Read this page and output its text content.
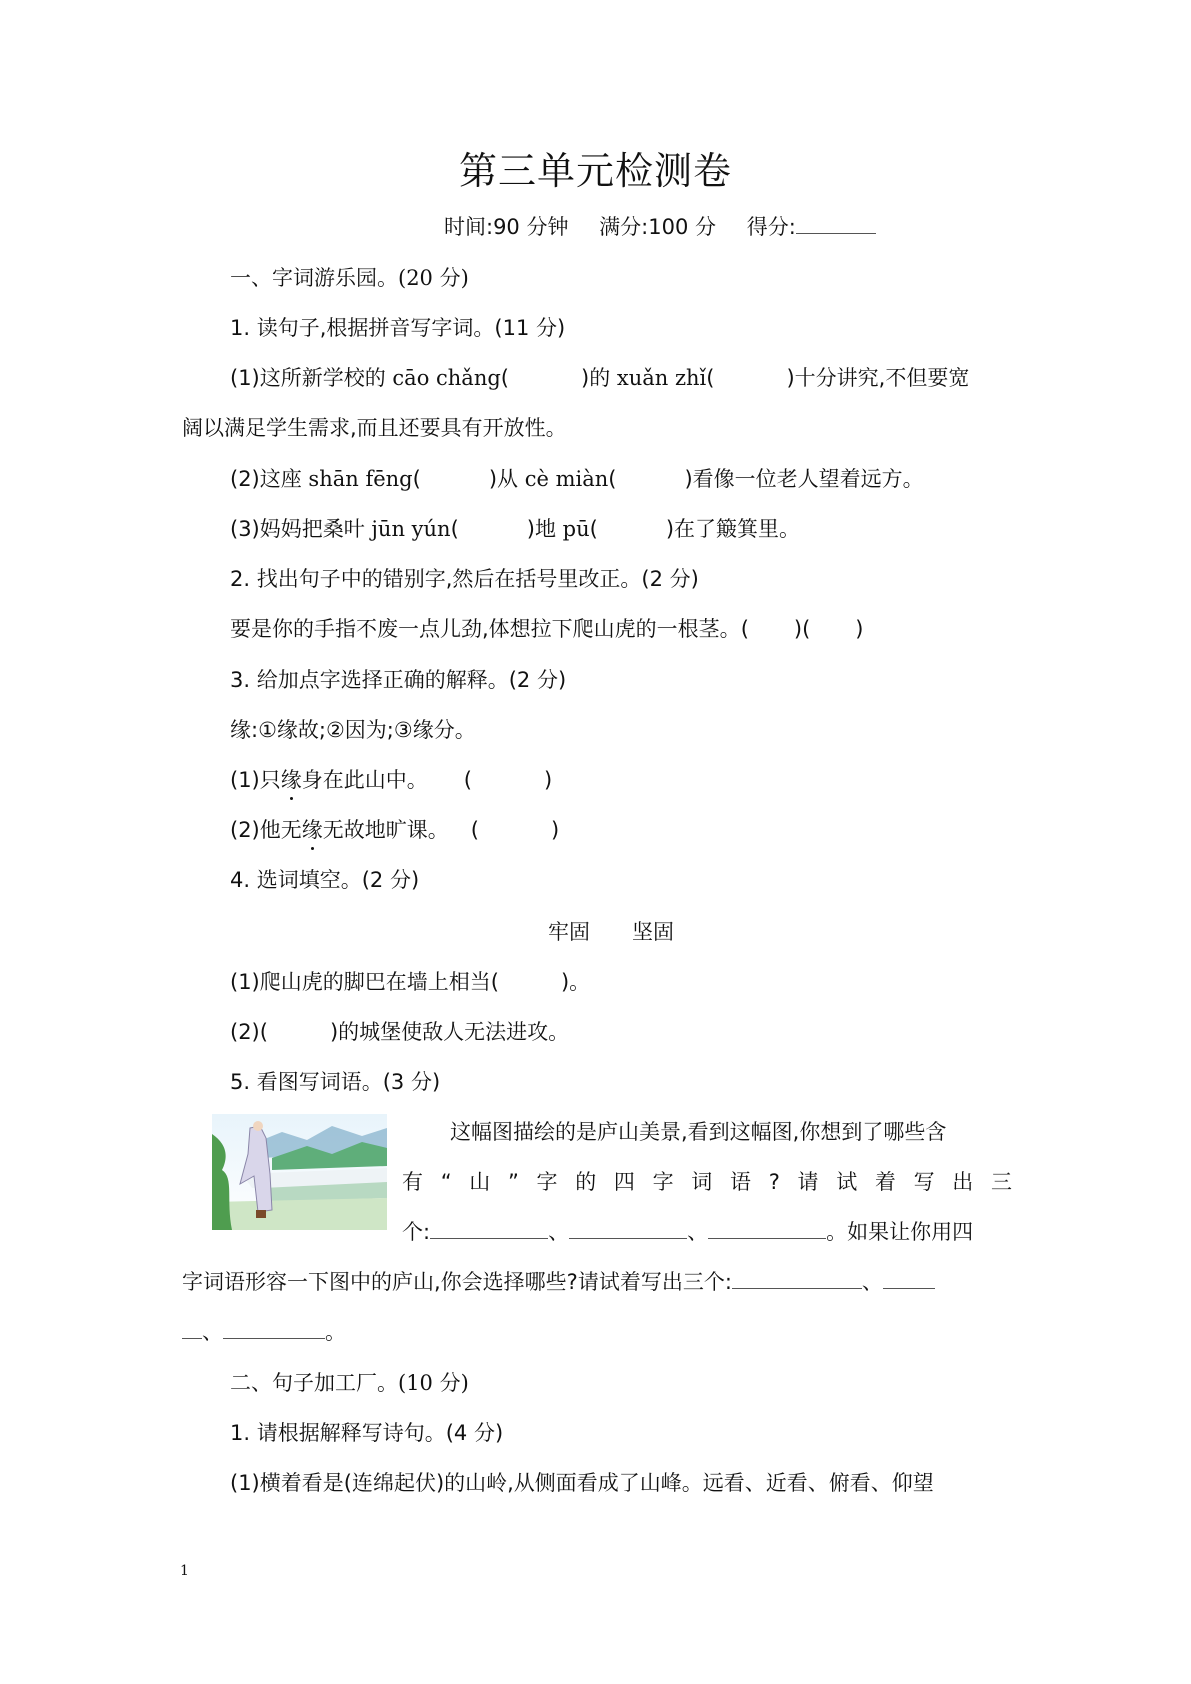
第三单元检测卷
时间:90 分钟 满分:100 分 得分:
一、字词游乐园。(20 分)
1. 读句子,根据拼音写字词。(11 分)
(1)这所新学校的 cāo chǎng(	)的 xuǎn zhǐ(	)十分讲究,不但要宽
阔以满足学生需求,而且还要具有开放性。
(2)这座 shān fēng(	)从 cè miàn(	)看像一位老人望着远方。
(3)妈妈把桑叶 jūn yún(	)地 pū(	)在了簸箕里。
2. 找出句子中的错别字,然后在括号里改正。(2 分)
要是你的手指不废一点儿劲,体想拉下爬山虎的一根茎。( )( )
3. 给加点字选择正确的解释。(2 分)
缘:①缘故;②因为;③缘分。
(1)只缘身在此山中。 (	)
(2)他无缘无故地旷课。 (	)
4. 选词填空。(2 分)
牢固 坚固
(1)爬山虎的脚巴在墙上相当(	)。
(2)(	)的城堡使敌人无法进攻。
5. 看图写词语。(3 分)
这幅图描绘的是庐山美景,看到这幅图,你想到了哪些含
有“山”字的四字词语?请试着写出三
个:	、	、	。如果让你用四
字词语形容一下图中的庐山,你会选择哪些?请试着写出三个:	、
、	。
二、句子加工厂。(10 分)
1. 请根据解释写诗句。(4 分)
(1)横着看是(连绵起伏)的山岭,从侧面看成了山峰。远看、近看、俯看、仰望
1
